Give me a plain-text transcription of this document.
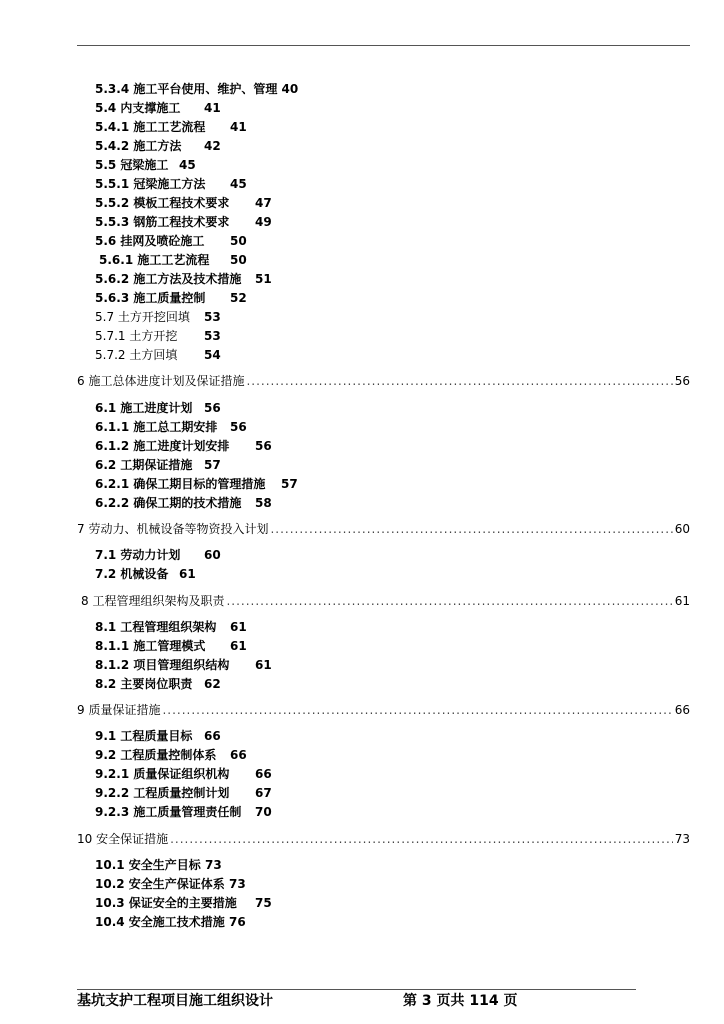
5.3.4 施工平台使用、维护、管理 40
5.4 内支撑施工 41
5.4.1 施工工艺流程 41
5.4.2 施工方法 42
5.5 冠梁施工 45
5.5.1 冠梁施工方法 45
5.5.2 模板工程技术要求 47
5.5.3 钢筋工程技术要求 49
5.6 挂网及喷砼施工 50
5.6.1 施工工艺流程 50
5.6.2 施工方法及技术措施 51
5.6.3 施工质量控制 52
5.7 土方开挖回填 53
5.7.1 土方开挖 53
5.7.2 土方回填 54
6 施工总体进度计划及保证措施 .....	56
6.1 施工进度计划 56
6.1.1 施工总工期安排 56
6.1.2 施工进度计划安排 56
6.2 工期保证措施 57
6.2.1 确保工期目标的管理措施 57
6.2.2 确保工期的技术措施 58
7 劳动力、机械设备等物资投入计划 .....	60
7.1 劳动力计划 60
7.2 机械设备 61
8 工程管理组织架构及职责 .....	61
8.1 工程管理组织架构 61
8.1.1 施工管理模式 61
8.1.2 项目管理组织结构 61
8.2 主要岗位职责 62
9 质量保证措施 .....	66
9.1 工程质量目标 66
9.2 工程质量控制体系 66
9.2.1 质量保证组织机构 66
9.2.2 工程质量控制计划 67
9.2.3 施工质量管理责任制 70
10 安全保证措施 .....	73
10.1 安全生产目标 73
10.2 安全生产保证体系 73
10.3 保证安全的主要措施 75
10.4 安全施工技术措施 76
基坑支护工程项目施工组织设计	第 3 页共 114 页
